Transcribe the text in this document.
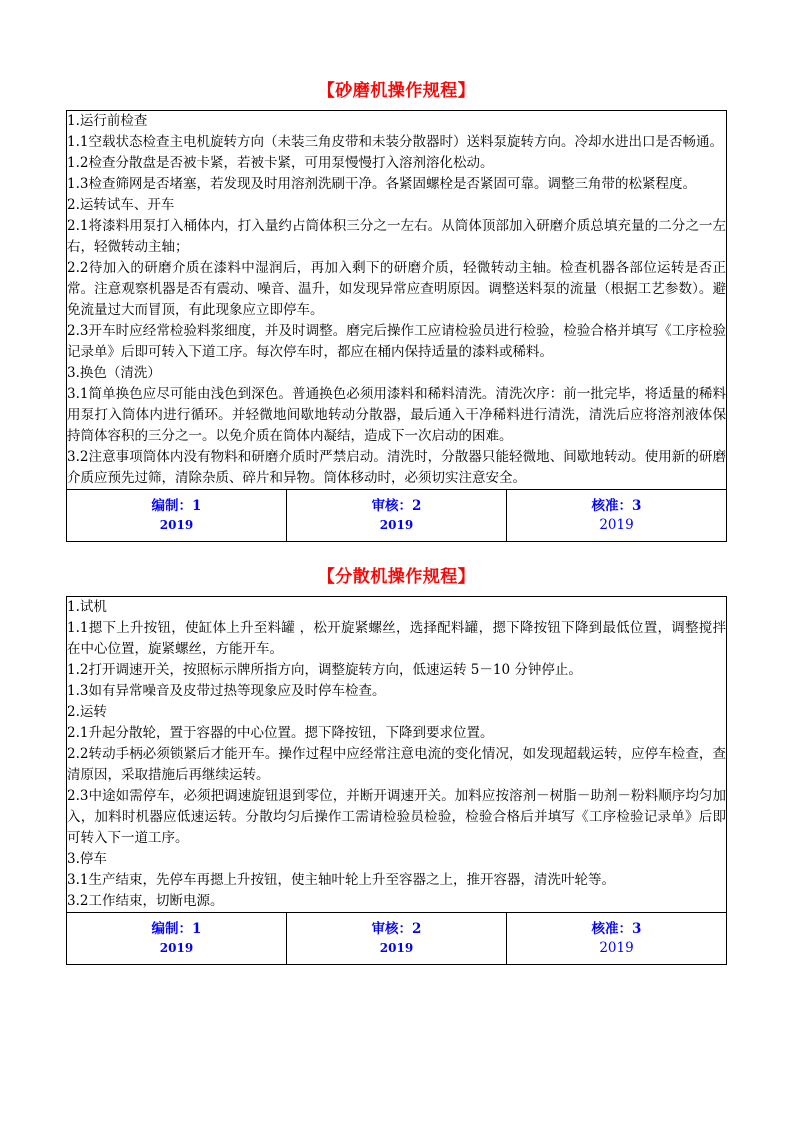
【砂磨机操作规程】

1.运行前检查

1.1空载状态检查主电机旋转方向（未装三角皮带和未装分散器时）送料泵旋转方向。冷却水进出口是否畅通。

1.2检查分散盘是否被卡紧，若被卡紧，可用泵慢慢打入溶剂溶化松动。

1.3检查筛网是否堵塞，若发现及时用溶剂洗刷干净。各紧固螺栓是否紧固可靠。调整三角带的松紧程度。

2.运转试车、开车

2.1将漆料用泵打入桶体内，打入量约占筒体积三分之一左右。从筒体顶部加入研磨介质总填充量的二分之一左右，轻微转动主轴；

2.2待加入的研磨介质在漆料中湿润后，再加入剩下的研磨介质，轻微转动主轴。检查机器各部位运转是否正常。注意观察机器是否有震动、噪音、温升，如发现异常应查明原因。调整送料泵的流量（根据工艺参数）。避免流量过大而冒顶，有此现象应立即停车。

2.3开车时应经常检验料浆细度，并及时调整。磨完后操作工应请检验员进行检验，检验合格并填写《工序检验记录单》后即可转入下道工序。每次停车时，都应在桶内保持适量的漆料或稀料。

3.换色（清洗）

3.1简单换色应尽可能由浅色到深色。普通换色必须用漆料和稀料清洗。清洗次序：前一批完毕，将适量的稀料用泵打入筒体内进行循环。并轻微地间歇地转动分散器，最后通入干净稀料进行清洗，清洗后应将溶剂液体保持筒体容积的三分之一。以免介质在筒体内凝结，造成下一次启动的困难。

3.2注意事项筒体内没有物料和研磨介质时严禁启动。清洗时，分散器只能轻微地、间歇地转动。使用新的研磨介质应预先过筛，清除杂质、碎片和异物。筒体移动时，必须切实注意安全。

编制：1
2019

审核：2
2019

核准：3
2019
【分散机操作规程】

1.试机

1.1摁下上升按钮，使缸体上升至料罐 ，松开旋紧螺丝，选择配料罐，摁下降按钮下降到最低位置，调整搅拌在中心位置，旋紧螺丝，方能开车。

1.2打开调速开关，按照标示牌所指方向，调整旋转方向，低速运转 5－10 分钟停止。

1.3如有异常噪音及皮带过热等现象应及时停车检查。

2.运转

2.1升起分散轮，置于容器的中心位置。摁下降按钮，下降到要求位置。

2.2转动手柄必须锁紧后才能开车。操作过程中应经常注意电流的变化情况，如发现超载运转，应停车检查，查清原因，采取措施后再继续运转。

2.3中途如需停车，必须把调速旋钮退到零位，并断开调速开关。加料应按溶剂－树脂－助剂－粉料顺序均匀加入，加料时机器应低速运转。分散均匀后操作工需请检验员检验，检验合格后并填写《工序检验记录单》后即可转入下一道工序。

3.停车

3.1生产结束，先停车再摁上升按钮，使主轴叶轮上升至容器之上，推开容器，清洗叶轮等。

3.2工作结束，切断电源。

编制：1
2019

审核：2
2019

核准：3
2019
